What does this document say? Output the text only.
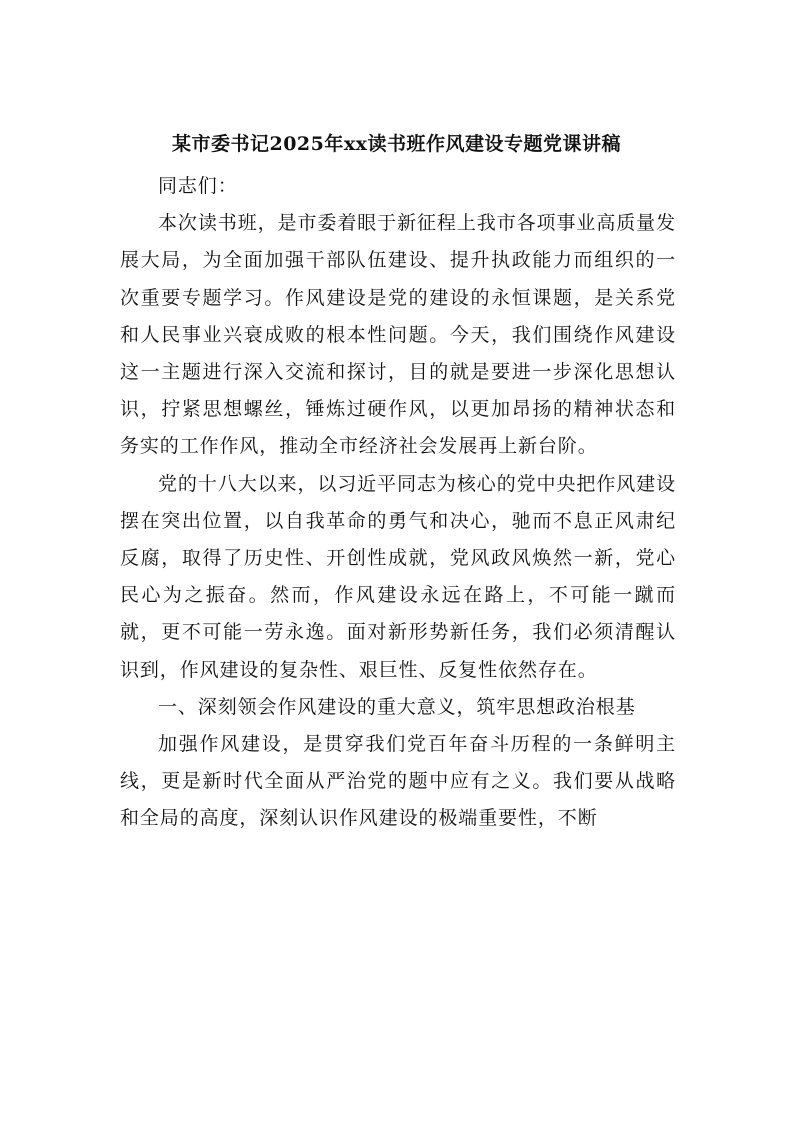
某市委书记2025年xx读书班作风建设专题党课讲稿

同志们：

本次读书班，是市委着眼于新征程上我市各项事业高质量发展大局，为全面加强干部队伍建设、提升执政能力而组织的一次重要专题学习。作风建设是党的建设的永恒课题，是关系党和人民事业兴衰成败的根本性问题。今天，我们围绕作风建设这一主题进行深入交流和探讨，目的就是要进一步深化思想认识，拧紧思想螺丝，锤炼过硬作风，以更加昂扬的精神状态和务实的工作作风，推动全市经济社会发展再上新台阶。

党的十八大以来，以习近平同志为核心的党中央把作风建设摆在突出位置，以自我革命的勇气和决心，驰而不息正风肃纪反腐，取得了历史性、开创性成就，党风政风焕然一新，党心民心为之振奋。然而，作风建设永远在路上，不可能一蹴而就，更不可能一劳永逸。面对新形势新任务，我们必须清醒认识到，作风建设的复杂性、艰巨性、反复性依然存在。

一、深刻领会作风建设的重大意义，筑牢思想政治根基

加强作风建设，是贯穿我们党百年奋斗历程的一条鲜明主线，更是新时代全面从严治党的题中应有之义。我们要从战略和全局的高度，深刻认识作风建设的极端重要性，不断
